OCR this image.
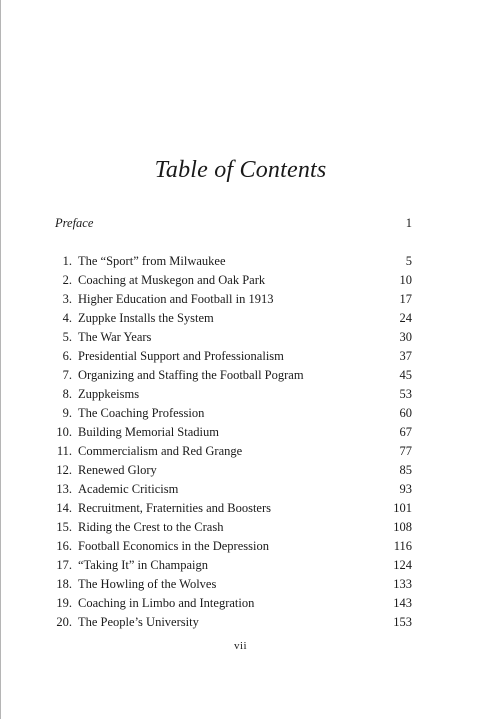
Table of Contents
Preface	1
1. The “Sport” from Milwaukee	5
2. Coaching at Muskegon and Oak Park	10
3. Higher Education and Football in 1913	17
4. Zuppke Installs the System	24
5. The War Years	30
6. Presidential Support and Professionalism	37
7. Organizing and Staffing the Football Pogram	45
8. Zuppkeisms	53
9. The Coaching Profession	60
10. Building Memorial Stadium	67
11. Commercialism and Red Grange	77
12. Renewed Glory	85
13. Academic Criticism	93
14. Recruitment, Fraternities and Boosters	101
15. Riding the Crest to the Crash	108
16. Football Economics in the Depression	116
17. “Taking It” in Champaign	124
18. The Howling of the Wolves	133
19. Coaching in Limbo and Integration	143
20. The People’s University	153
vii
